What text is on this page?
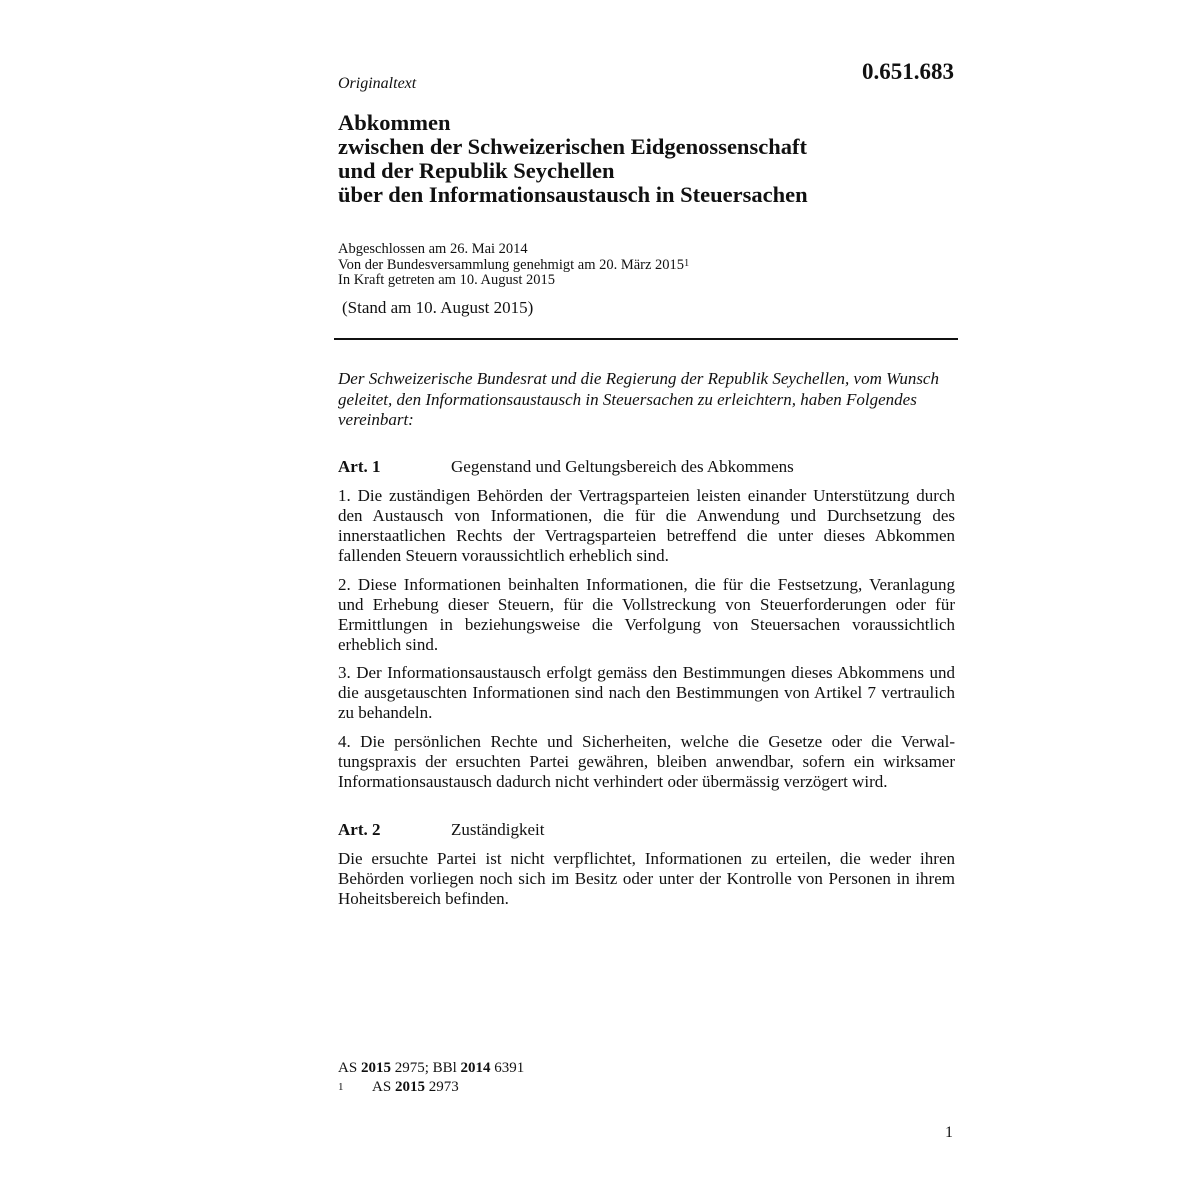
Originaltext	0.651.683
Abkommen
zwischen der Schweizerischen Eidgenossenschaft
und der Republik Seychellen
über den Informationsaustausch in Steuersachen
Abgeschlossen am 26. Mai 2014
Von der Bundesversammlung genehmigt am 20. März 2015$^1$
In Kraft getreten am 10. August 2015
(Stand am 10. August 2015)
Der Schweizerische Bundesrat und die Regierung der Republik Seychellen, vom Wunsch geleitet, den Informationsaustausch in Steuersachen zu erleichtern, haben Folgendes vereinbart:
Art. 1	Gegenstand und Geltungsbereich des Abkommens
1. Die zuständigen Behörden der Vertragsparteien leisten einander Unterstützung durch den Austausch von Informationen, die für die Anwendung und Durchsetzung des innerstaatlichen Rechts der Vertragsparteien betreffend die unter dieses Abkommen fallenden Steuern voraussichtlich erheblich sind.
2. Diese Informationen beinhalten Informationen, die für die Festsetzung, Veranlagung und Erhebung dieser Steuern, für die Vollstreckung von Steuerforderungen oder für Ermittlungen in beziehungsweise die Verfolgung von Steuersachen voraussichtlich erheblich sind.
3. Der Informationsaustausch erfolgt gemäss den Bestimmungen dieses Abkommens und die ausgetauschten Informationen sind nach den Bestimmungen von Artikel 7 vertraulich zu behandeln.
4. Die persönlichen Rechte und Sicherheiten, welche die Gesetze oder die Verwaltungspraxis der ersuchten Partei gewähren, bleiben anwendbar, sofern ein wirksamer Informationsaustausch dadurch nicht verhindert oder übermässig verzögert wird.
Art. 2	Zuständigkeit
Die ersuchte Partei ist nicht verpflichtet, Informationen zu erteilen, die weder ihren Behörden vorliegen noch sich im Besitz oder unter der Kontrolle von Personen in ihrem Hoheitsbereich befinden.
AS 2015 2975; BBl 2014 6391
1 AS 2015 2973
1
